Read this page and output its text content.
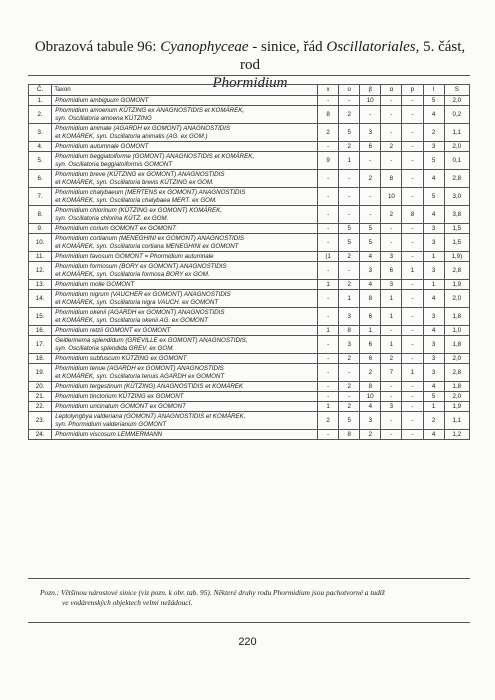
Obrazová tabule 96: Cyanophyceae - sinice, řád Oscillatoriales, 5. část, rod
Phormidium
Č.	Taxon	x	o	β	α	p	I	S
1.	Phormidium ambiguum GOMONT	-	-	10	-	-	5	2,0
2.	Phormidium amoenum KÜTZING ex ANAGNOSTIDIS et KOMÁREK,
syn. Oscillatoria amoena KÜTZING	8	2	-	-	-	4	0,2
3.	Phormidium animale (AGARDH ex GOMONT) ANAGNOSTIDIS
et KOMÁREK, syn. Oscillatoria animalis (AG. ex GOM.)	2	5	3	-	-	2	1,1
4.	Phormidium autumnale GOMONT	-	2	6	2	-	3	2,0
5.	Phormidium beggiatoiforme (GOMONT) ANAGNOSTIDIS et KOMÁREK,
syn. Oscillatoria beggiatoiformis GOMONT	9	1	-	-	-	5	0,1
6.	Phormidium breve (KÜTZING ex GOMONT) ANAGNOSTIDIS
et KOMÁREK, syn. Oscillatoria brevis KÜTZING ex GOM.	-	-	2	8	-	4	2,8
7.	Phormidium chalybaeum (MERTENS ex GOMONT) ANAGNOSTIDIS
et KOMÁREK, syn. Oscillatoria chalybaea MERT. ex GOM.	-	-	-	10	-	5	3,0
8.	Phormidium chlorinum (KÜTZING ex GOMONT) KOMÁREK,
syn. Oscillatoria chlorina KÜTZ. ex GOM.	-	-	-	2	8	4	3,8
9.	Phormidium corium GOMONT ex GOMONT	-	5	5	-	-	3	1,5
10.	Phormidium cortianum (MENEGHINI ex GOMONT) ANAGNOSTIDIS
et KOMÁREK, syn. Oscillatoria cortiana MENEGHINI ex GOMONT	-	5	5	-	-	3	1,5
11.	Phormidium favosum GOMONT = Phormidium autumnale	(1	2	4	3	-	1	1,9)
12.	Phormidium formosum (BORY ex GOMONT) ANAGNOSTIDIS
et KOMÁREK, syn. Oscillatoria formosa BORY ex GOM.	-	-	3	6	1	3	2,8
13.	Phormidium molle GOMONT	1	2	4	3	-	1	1,9
14.	Phormidium nigrum (VAUCHER ex GOMONT) ANAGNOSTIDIS
et KOMÁREK, syn. Oscillatoria nigra VAUCH. ex GOMONT	-	1	8	1	-	4	2,0
15.	Phormidium okenii (AGARDH ex GOMONT) ANAGNOSTIDIS
et KOMÁREK, syn. Oscillatoria okenii AG. ex GOMONT	-	3	6	1	-	3	1,8
16.	Phormidium retzii GOMONT ex GOMONT	1	8	1	-	-	4	1,0
17.	Geitlerinema splendidum (GREVILLE ex GOMONT) ANAGNOSTIDIS,
syn. Oscillatoria splendida GREV. ex GOM.	-	3	6	1	-	3	1,8
18.	Phormidium subfuscum KÜTZING ex GOMONT	-	2	6	2	-	3	2,0
19.	Phormidium tenue (AGARDH ex GOMONT) ANAGNOSTIDIS
et KOMÁREK, syn. Oscillatoria tenuis AGARDH ex GOMONT	-	-	2	7	1	3	2,8
20.	Phormidium tergestinum (KÜTZING) ANAGNOSTIDIS et KOMÁREK	-	2	8	-	-	4	1,8
21.	Phormidium tinctorium KÜTZING ex GOMONT	-	-	10	-	-	5	2,0
22.	Phormidium uncinatum GOMONT ex GOMONT	1	2	4	3	-	1	1,9
23.	Leptolyngbya valderiana (GOMONT) ANAGNOSTIDIS et KOMÁREK,
syn. Phormidium valderianum GOMONT	2	5	3	-	-	2	1,1
24.	Phormidium viscosum LEMMERMANN	-	8	2	-	-	4	1,2
Pozn.: Většinou nárostové sinice (viz pozn. k obr. tab. 95). Některé druhy rodu Phormidium jsou pachotvorné a tudíž
ve vodárenských objektech velmi nežádoucí.
220
